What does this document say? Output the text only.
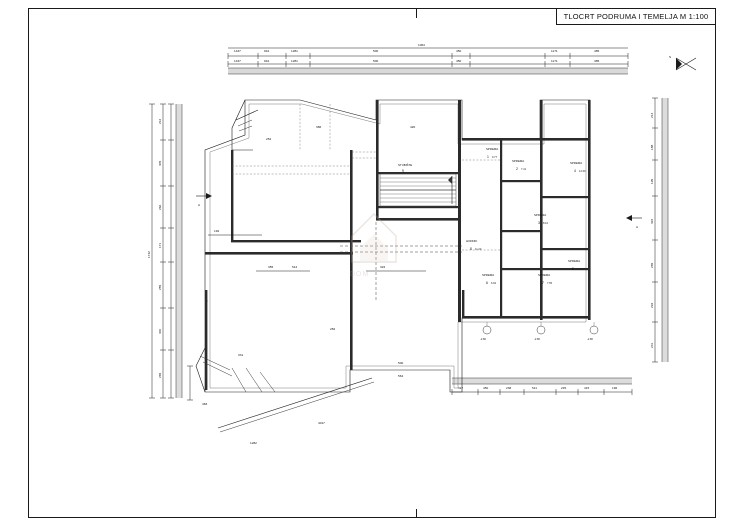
TLOCRT PODRUMA I TEMELJA M 1:100
1437	942	1281	500	450	1171	485
1437	942	1281	500	450	1171	485
1064
S
212
305
266
171
255
300
265
1742
214
188
195
322
265
294
241
317	450	238	511	245	415	196
564
A
A
SPREMA
1 9.77
SPREMA
2 7.41
SPREMA
3 8.10
SPREMA
4 12.60
SPREMA
5 10.44
SPREMA
6 6.92
SPREMA
7 7.55
HODNIK
8 11.20
STUBIŠTE
9
192
355
282
322
500
386	420
252
512
331
1282
4017
483
-2.80	-2.80	-2.80
DOM
